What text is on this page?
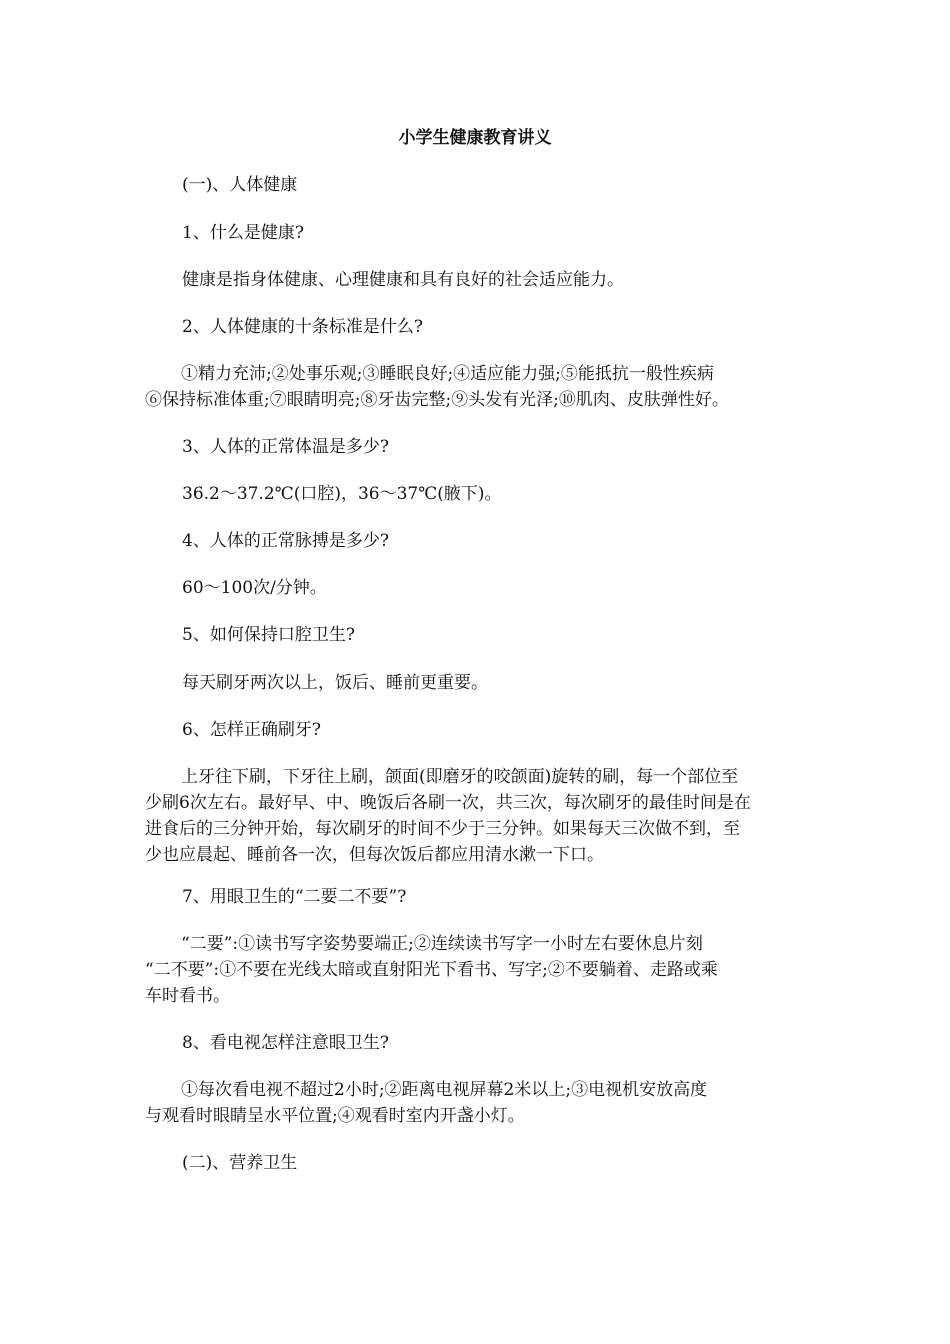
小学生健康教育讲义
(一)、人体健康
1、什么是健康?
健康是指身体健康、心理健康和具有良好的社会适应能力。
2、人体健康的十条标准是什么?
①精力充沛;②处事乐观;③睡眠良好;④适应能力强;⑤能抵抗一般性疾病
⑥保持标准体重;⑦眼睛明亮;⑧牙齿完整;⑨头发有光泽;⑩肌肉、皮肤弹性好。
3、人体的正常体温是多少?
36.2～37.2℃(口腔)，36～37℃(腋下)。
4、人体的正常脉搏是多少?
60～100次/分钟。
5、如何保持口腔卫生?
每天刷牙两次以上，饭后、睡前更重要。
6、怎样正确刷牙?
上牙往下刷，下牙往上刷，颌面(即磨牙的咬颌面)旋转的刷，每一个部位至
少刷6次左右。最好早、中、晚饭后各刷一次，共三次，每次刷牙的最佳时间是在
进食后的三分钟开始，每次刷牙的时间不少于三分钟。如果每天三次做不到，至
少也应晨起、睡前各一次，但每次饭后都应用清水漱一下口。
7、用眼卫生的“二要二不要”?
“二要”:①读书写字姿势要端正;②连续读书写字一小时左右要休息片刻
“二不要”:①不要在光线太暗或直射阳光下看书、写字;②不要躺着、走路或乘
车时看书。
8、看电视怎样注意眼卫生?
①每次看电视不超过2小时;②距离电视屏幕2米以上;③电视机安放高度
与观看时眼睛呈水平位置;④观看时室内开盏小灯。
(二)、营养卫生
